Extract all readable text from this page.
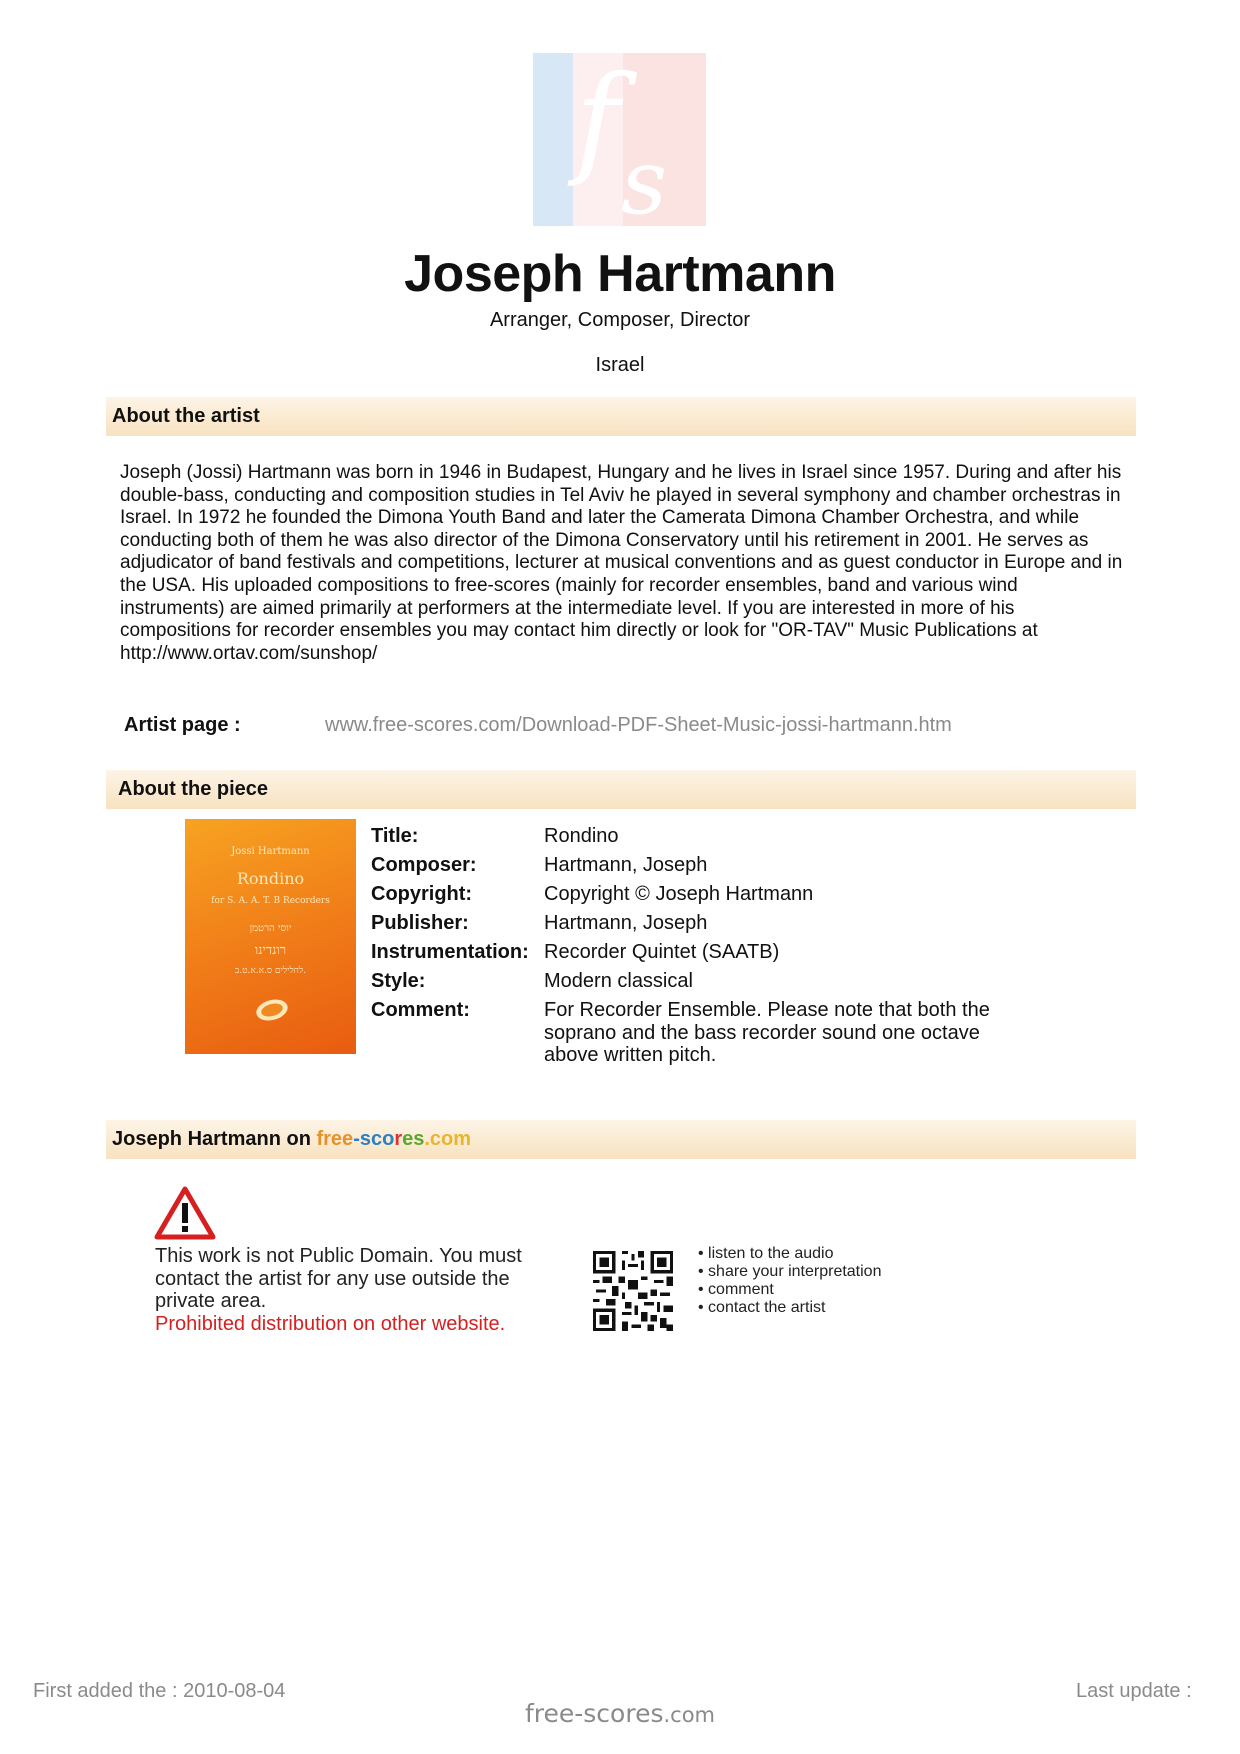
f s
Joseph Hartmann
Arranger, Composer, Director
Israel
About the artist
Joseph (Jossi) Hartmann was born in 1946 in Budapest, Hungary and he lives in Israel since 1957. During and after his double-bass, conducting and composition studies in Tel Aviv he played in several symphony and chamber orchestras in Israel. In 1972 he founded the Dimona Youth Band and later the Camerata Dimona Chamber Orchestra, and while conducting both of them he was also director of the Dimona Conservatory until his retirement in 2001. He serves as adjudicator of band festivals and competitions, lecturer at musical conventions and as guest conductor in Europe and in the USA. His uploaded compositions to free-scores (mainly for recorder ensembles, band and various wind instruments) are aimed primarily at performers at the intermediate level. If you are interested in more of his compositions for recorder ensembles you may contact him directly or look for "OR-TAV" Music Publications at http://www.ortav.com/sunshop/
Artist page :	www.free-scores.com/Download-PDF-Sheet-Music-jossi-hartmann.htm
About the piece
Jossi Hartmann
Rondino
for S. A. A. T. B Recorders
יוסי הרטמן
רונדינו
לחלילים ס.א.א.ט.ב.
Title:	Rondino
Composer:	Hartmann, Joseph
Copyright:	Copyright © Joseph Hartmann
Publisher:	Hartmann, Joseph
Instrumentation: Recorder Quintet (SAATB)
Style:	Modern classical
Comment:	For Recorder Ensemble. Please note that both the soprano and the bass recorder sound one octave above written pitch.
Joseph Hartmann on free-scores.com
This work is not Public Domain. You must contact the artist for any use outside the private area.
Prohibited distribution on other website.
• listen to the audio
• share your interpretation
• comment
• contact the artist
First added the : 2010-08-04	Last update :
free-scores.com
